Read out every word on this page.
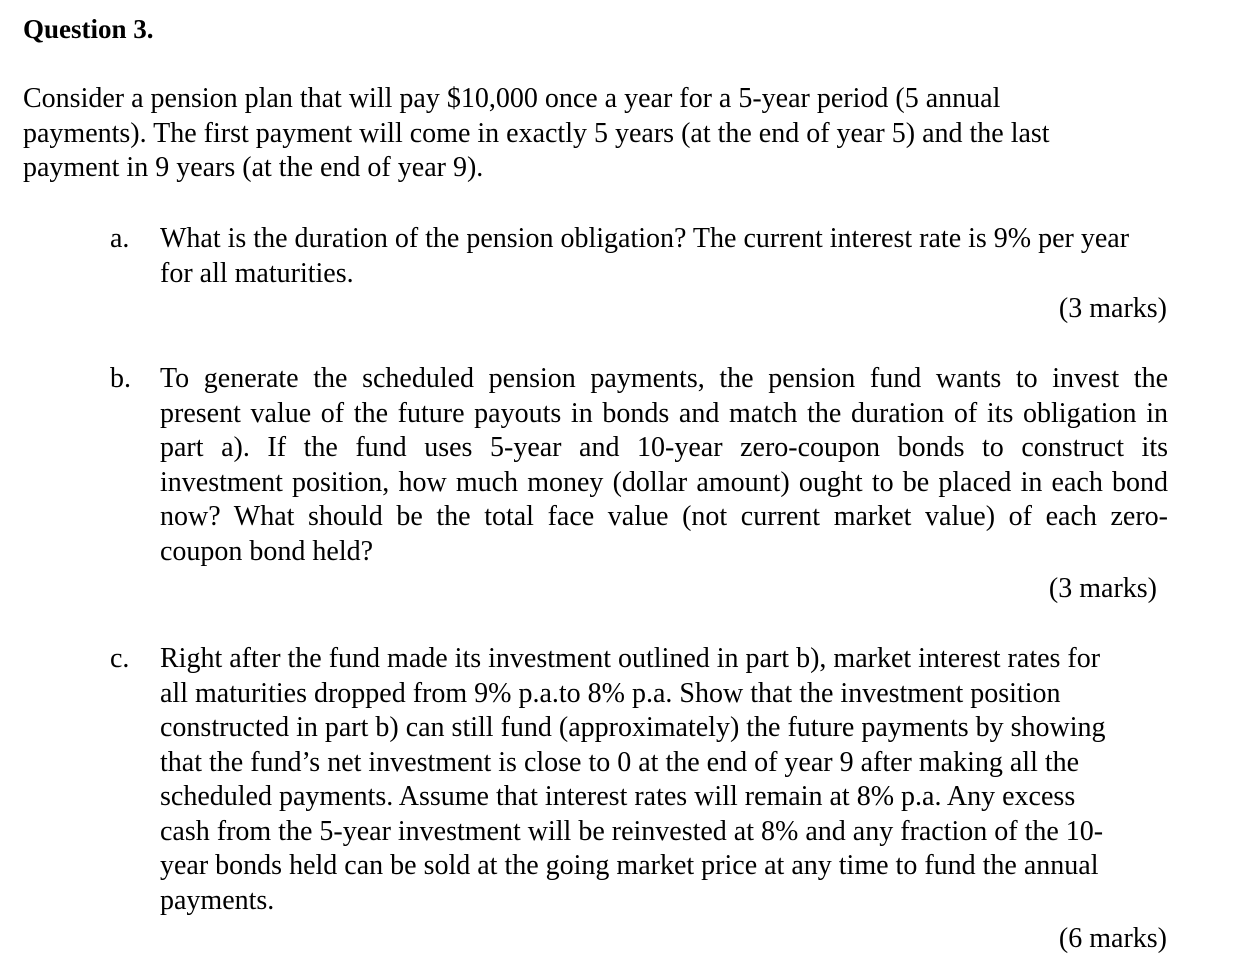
Question 3.
Consider a pension plan that will pay $10,000 once a year for a 5-year period (5 annual
payments). The first payment will come in exactly 5 years (at the end of year 5) and the last
payment in 9 years (at the end of year 9).
a. What is the duration of the pension obligation? The current interest rate is 9% per year
for all maturities.
(3 marks)
b. To generate the scheduled pension payments, the pension fund wants to invest the
present value of the future payouts in bonds and match the duration of its obligation in
part a). If the fund uses 5-year and 10-year zero-coupon bonds to construct its
investment position, how much money (dollar amount) ought to be placed in each bond
now? What should be the total face value (not current market value) of each zero-
coupon bond held?
(3 marks)
c. Right after the fund made its investment outlined in part b), market interest rates for
all maturities dropped from 9% p.a.to 8% p.a. Show that the investment position
constructed in part b) can still fund (approximately) the future payments by showing
that the fund’s net investment is close to 0 at the end of year 9 after making all the
scheduled payments. Assume that interest rates will remain at 8% p.a. Any excess
cash from the 5-year investment will be reinvested at 8% and any fraction of the 10-
year bonds held can be sold at the going market price at any time to fund the annual
payments.
(6 marks)
